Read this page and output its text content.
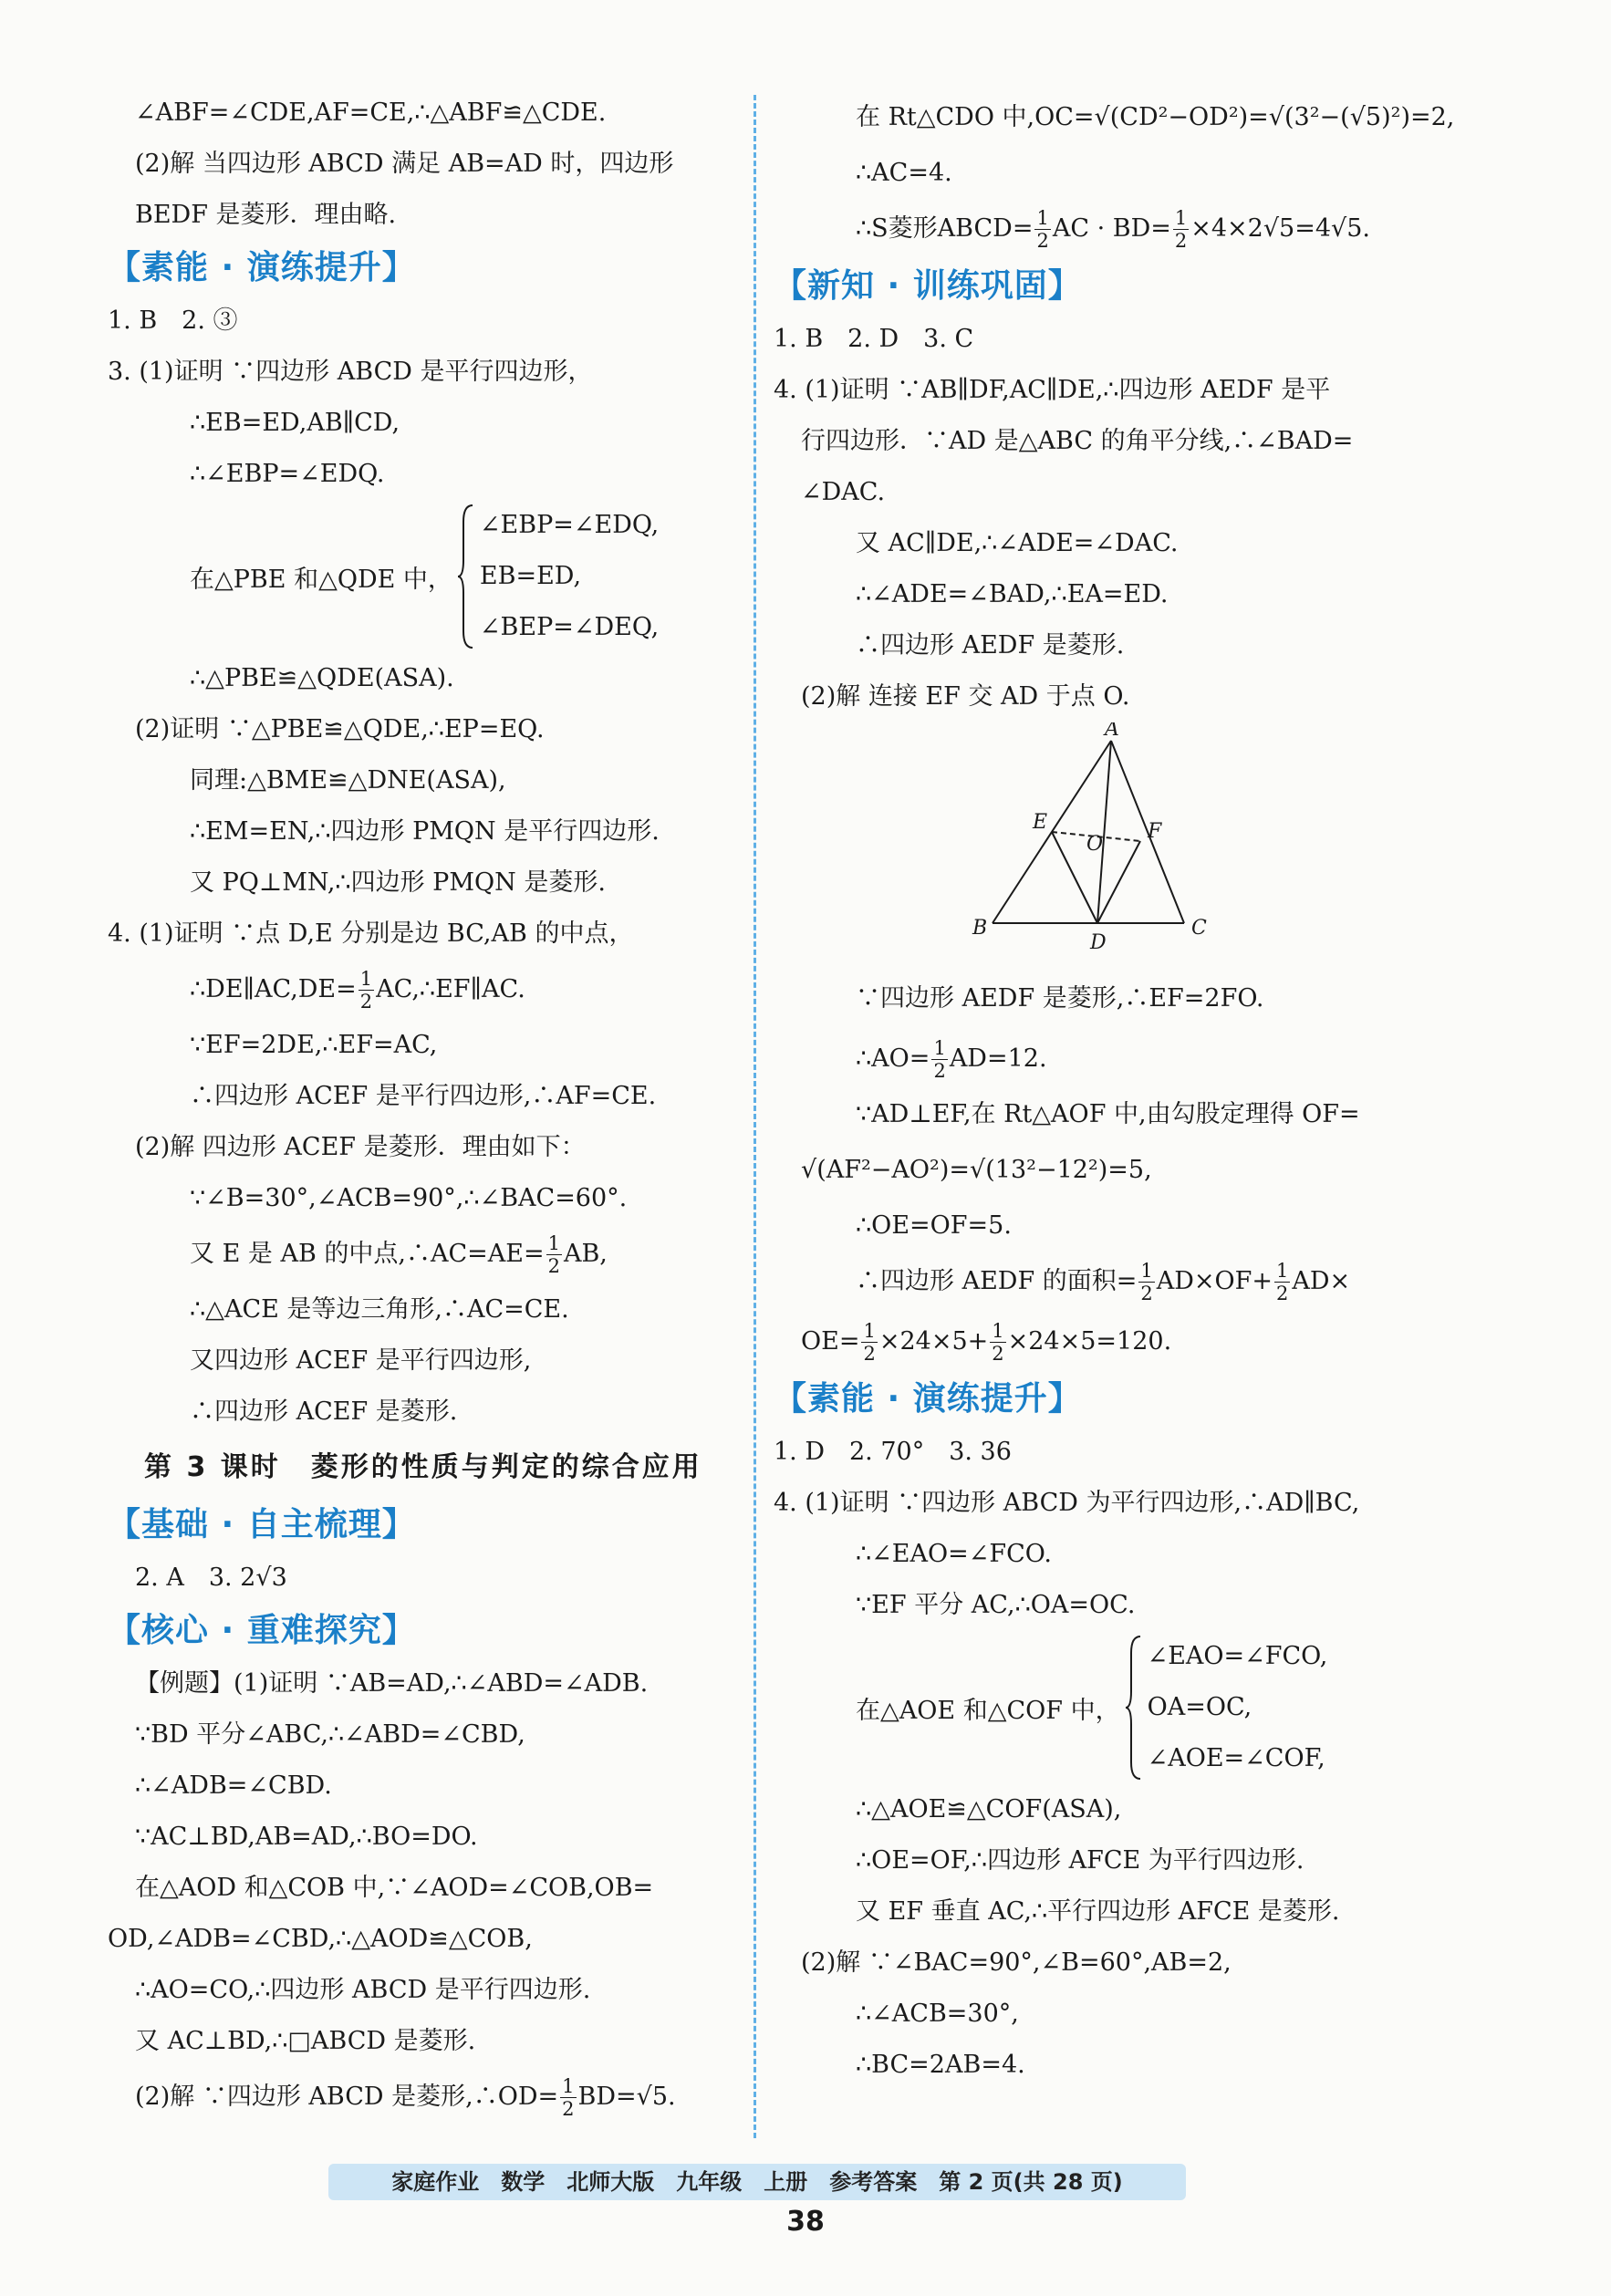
∠ABF=∠CDE,AF=CE,∴△ABF≌△CDE.
(2)解 当四边形 ABCD 满足 AB=AD 时，四边形
BEDF 是菱形．理由略.
【素能 · 演练提升】
1. B　2. ③
3. (1)证明 ∵四边形 ABCD 是平行四边形，
∴EB=ED,AB∥CD,
∴∠EBP=∠EDQ.
在△PBE 和△QDE 中，
∠EBP=∠EDQ,
EB=ED,
∠BEP=∠DEQ,
∴△PBE≌△QDE(ASA).
(2)证明 ∵△PBE≌△QDE,∴EP=EQ.
同理:△BME≌△DNE(ASA),
∴EM=EN,∴四边形 PMQN 是平行四边形.
又 PQ⊥MN,∴四边形 PMQN 是菱形.
4. (1)证明 ∵点 D,E 分别是边 BC,AB 的中点，
∴DE∥AC,DE= $\frac{1}{2}$ AC,∴EF∥AC.
∵EF=2DE,∴EF=AC,
∴四边形 ACEF 是平行四边形,∴AF=CE.
(2)解 四边形 ACEF 是菱形．理由如下：
∵∠B=30°,∠ACB=90°,∴∠BAC=60°.
又 E 是 AB 的中点,∴AC=AE= $\frac{1}{2}$ AB,
∴△ACE 是等边三角形,∴AC=CE.
又四边形 ACEF 是平行四边形,
∴四边形 ACEF 是菱形.
第 3 课时　菱形的性质与判定的综合应用
【基础 · 自主梳理】
2. A　3. 2√3
【核心 · 重难探究】
【例题】(1)证明 ∵AB=AD,∴∠ABD=∠ADB.
∵BD 平分∠ABC,∴∠ABD=∠CBD,
∴∠ADB=∠CBD.
∵AC⊥BD,AB=AD,∴BO=DO.
在△AOD 和△COB 中,∵∠AOD=∠COB,OB=
OD,∠ADB=∠CBD,∴△AOD≌△COB,
∴AO=CO,∴四边形 ABCD 是平行四边形.
又 AC⊥BD,∴□ABCD 是菱形.
(2)解 ∵四边形 ABCD 是菱形,∴OD= $\frac{1}{2} BD=√5$.
在 Rt△CDO 中,OC=√(CD²−OD²)=√(3²−(√5)²)=2,
∴AC=4.
∴S菱形ABCD= $\frac{1}{2}$ AC · $BD= \frac{1}{2} \times 4\times 2√5=4√5$.
【新知 · 训练巩固】
1. B　2. D　3. C
4. (1)证明 ∵AB∥DF,AC∥DE,∴四边形 AEDF 是平
行四边形．∵AD 是△ABC 的角平分线,∴∠BAD=
∠DAC.
又 AC∥DE,∴∠ADE=∠DAC.
∴∠ADE=∠BAD,∴EA=ED.
∴四边形 AEDF 是菱形.
(2)解 连接 EF 交 AD 于点 O.
A
B	C
D
E	F
O
∵四边形 AEDF 是菱形,∴EF=2FO.
∴AO= $\frac{1}{2} AD=12$.
∵AD⊥EF,在 Rt△AOF 中,由勾股定理得 OF=
√(AF²−AO²)=√(13²−12²)=5,
∴OE=OF=5.
∴四边形 AEDF 的面积= $\frac{1}{2} AD\times OF+ \frac{1}{2} AD\times$
$OE= \frac{1}{2} \times 24\times 5+ \frac{1}{2} \times 24\times 5=120$.
【素能 · 演练提升】
1. D　2. 70°　3. 36
4. (1)证明 ∵四边形 ABCD 为平行四边形,∴AD∥BC,
∴∠EAO=∠FCO.
∵EF 平分 AC,∴OA=OC.
在△AOE 和△COF 中，
∠EAO=∠FCO,
OA=OC,
∠AOE=∠COF,
∴△AOE≌△COF(ASA),
∴OE=OF,∴四边形 AFCE 为平行四边形.
又 EF 垂直 AC,∴平行四边形 AFCE 是菱形.
(2)解 ∵∠BAC=90°,∠B=60°,AB=2,
∴∠ACB=30°,
∴BC=2AB=4.
家庭作业　数学　北师大版　九年级　上册　参考答案　第 2 页(共 28 页)
38
